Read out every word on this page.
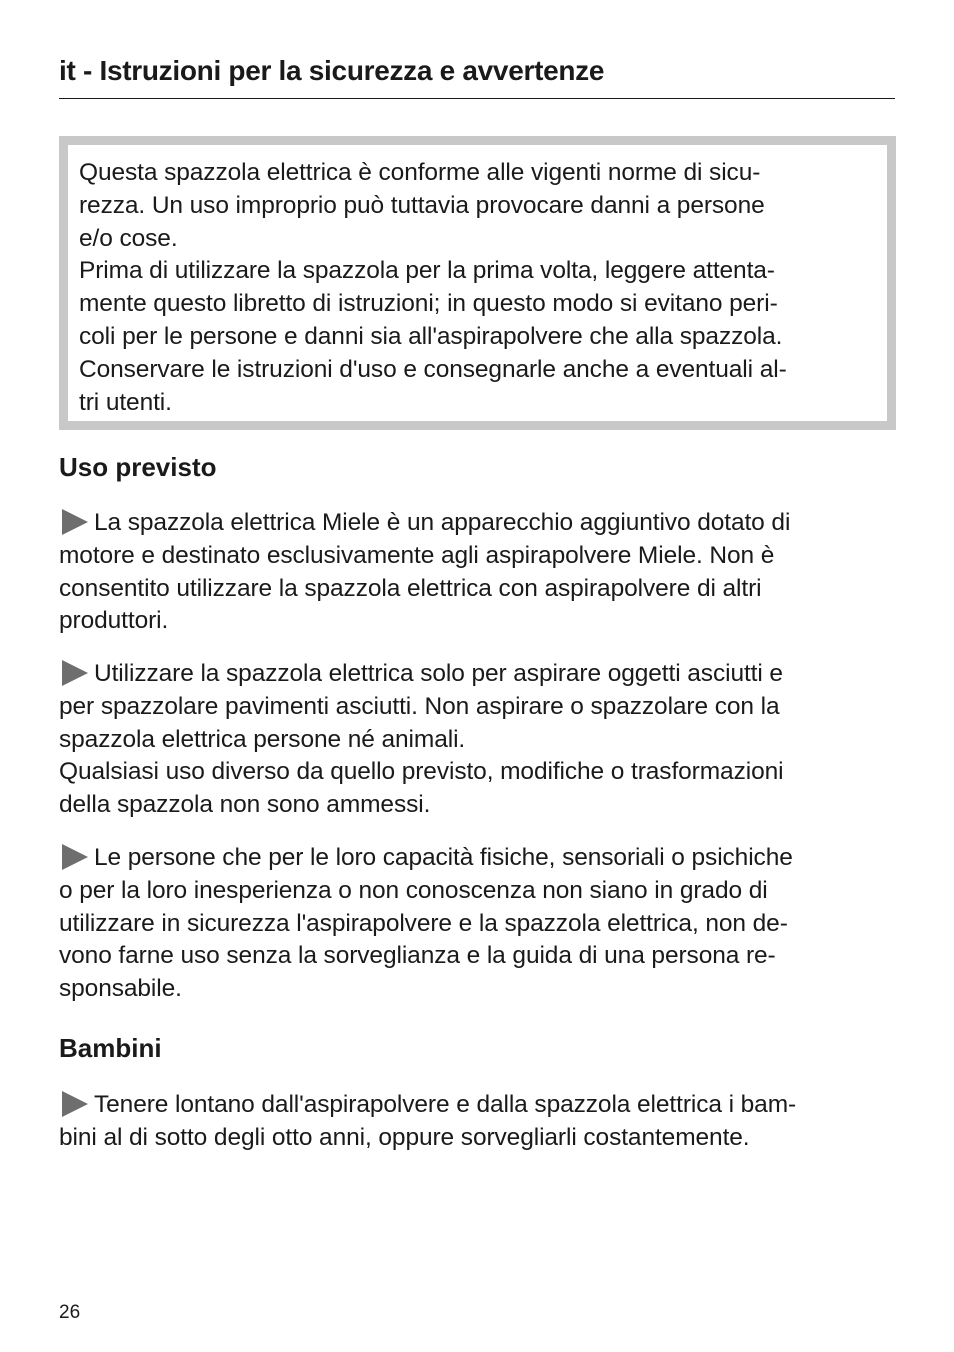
it - Istruzioni per la sicurezza e avvertenze

Questa spazzola elettrica è conforme alle vigenti norme di sicu-
rezza. Un uso improprio può tuttavia provocare danni a persone
e/o cose.
Prima di utilizzare la spazzola per la prima volta, leggere attenta-
mente questo libretto di istruzioni; in questo modo si evitano peri-
coli per le persone e danni sia all'aspirapolvere che alla spazzola.
Conservare le istruzioni d'uso e consegnarle anche a eventuali al-
tri utenti.

Uso previsto

La spazzola elettrica Miele è un apparecchio aggiuntivo dotato di
motore e destinato esclusivamente agli aspirapolvere Miele. Non è
consentito utilizzare la spazzola elettrica con aspirapolvere di altri
produttori.

Utilizzare la spazzola elettrica solo per aspirare oggetti asciutti e
per spazzolare pavimenti asciutti. Non aspirare o spazzolare con la
spazzola elettrica persone né animali.
Qualsiasi uso diverso da quello previsto, modifiche o trasformazioni
della spazzola non sono ammessi.

Le persone che per le loro capacità fisiche, sensoriali o psichiche
o per la loro inesperienza o non conoscenza non siano in grado di
utilizzare in sicurezza l'aspirapolvere e la spazzola elettrica, non de-
vono farne uso senza la sorveglianza e la guida di una persona re-
sponsabile.

Bambini

Tenere lontano dall'aspirapolvere e dalla spazzola elettrica i bam-
bini al di sotto degli otto anni, oppure sorvegliarli costantemente.

26
